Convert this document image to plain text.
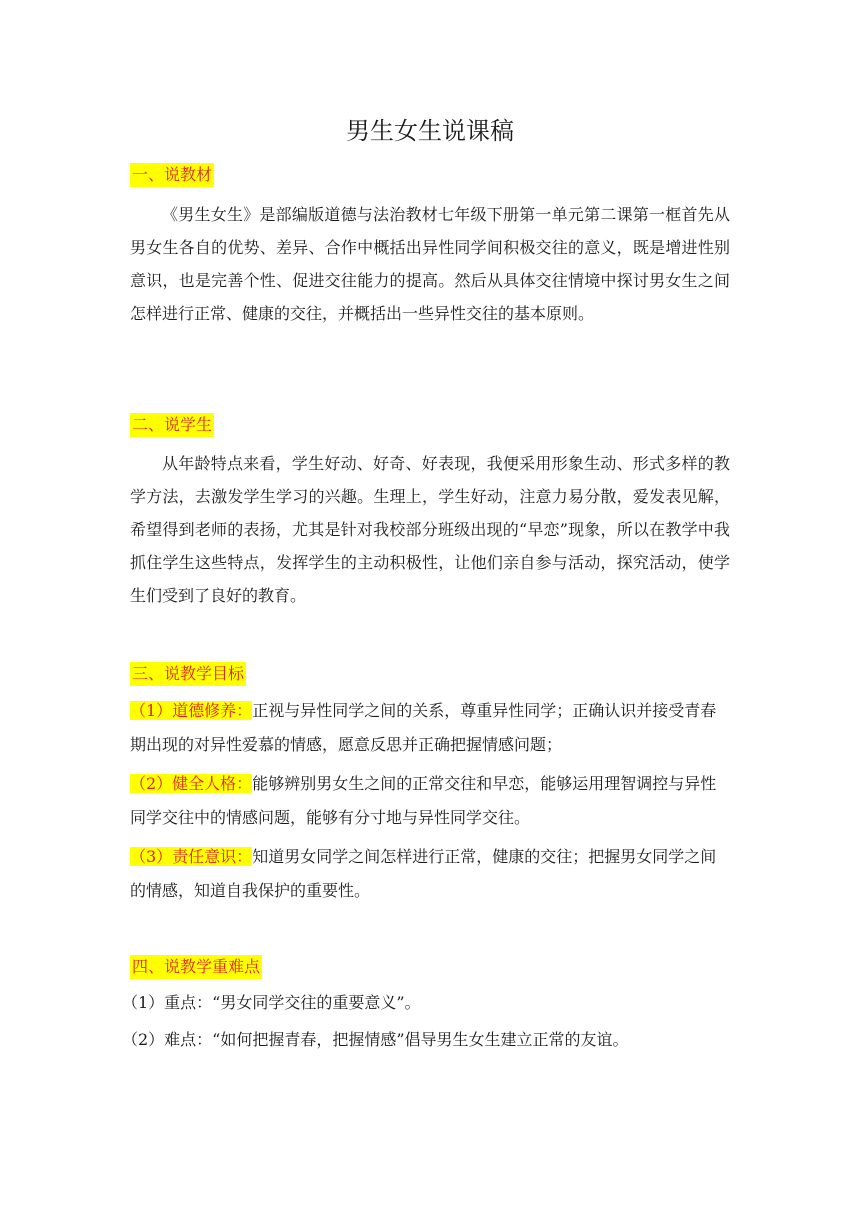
男生女生说课稿
一、说教材

《男生女生》是部编版道德与法治教材七年级下册第一单元第二课第一框首先从男女生各自的优势、差异、合作中概括出异性同学间积极交往的意义，既是增进性别意识，也是完善个性、促进交往能力的提高。然后从具体交往情境中探讨男女生之间怎样进行正常、健康的交往，并概括出一些异性交往的基本原则。

二、说学生

从年龄特点来看，学生好动、好奇、好表现，我便采用形象生动、形式多样的教学方法，去激发学生学习的兴趣。生理上，学生好动，注意力易分散，爱发表见解，希望得到老师的表扬，尤其是针对我校部分班级出现的“早恋”现象，所以在教学中我抓住学生这些特点，发挥学生的主动积极性，让他们亲自参与活动，探究活动，使学生们受到了良好的教育。

三、说教学目标

（1）道德修养：正视与异性同学之间的关系，尊重异性同学；正确认识并接受青春期出现的对异性爱慕的情感，愿意反思并正确把握情感问题；

（2）健全人格：能够辨别男女生之间的正常交往和早恋，能够运用理智调控与异性同学交往中的情感问题，能够有分寸地与异性同学交往。

（3）责任意识：知道男女同学之间怎样进行正常，健康的交往；把握男女同学之间的情感，知道自我保护的重要性。

四、说教学重难点
（1）重点：“男女同学交往的重要意义”。
（2）难点：“如何把握青春，把握情感”倡导男生女生建立正常的友谊。
